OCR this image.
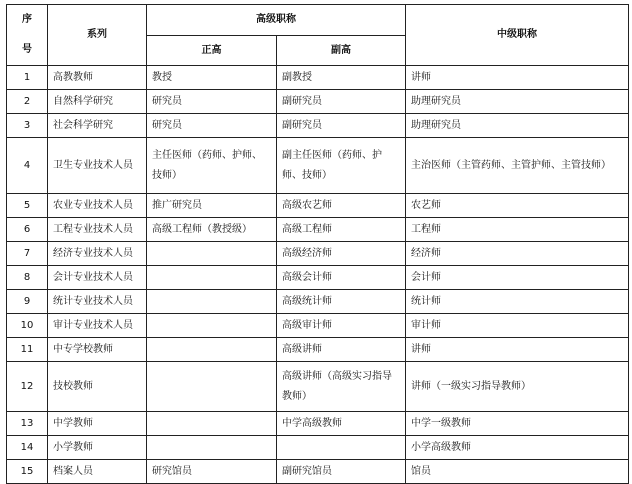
序
号	系列	高级职称		中级职称
		正高	副高	
1	高教教师	教授	副教授	讲师
2	自然科学研究	研究员	副研究员	助理研究员
3	社会科学研究	研究员	副研究员	助理研究员
4	卫生专业技术人员	主任医师（药师、护师、技师）	副主任医师（药师、护师、技师）	主治医师（主管药师、主管护师、主管技师）
5	农业专业技术人员	推广研究员	高级农艺师	农艺师
6	工程专业技术人员	高级工程师（教授级）	高级工程师	工程师
7	经济专业技术人员		高级经济师	经济师
8	会计专业技术人员		高级会计师	会计师
9	统计专业技术人员		高级统计师	统计师
10	审计专业技术人员		高级审计师	审计师
11	中专学校教师		高级讲师	讲师
12	技校教师		高级讲师（高级实习指导教师）	讲师（一级实习指导教师）
13	中学教师		中学高级教师	中学一级教师
14	小学教师			小学高级教师
15	档案人员	研究馆员	副研究馆员	馆员
